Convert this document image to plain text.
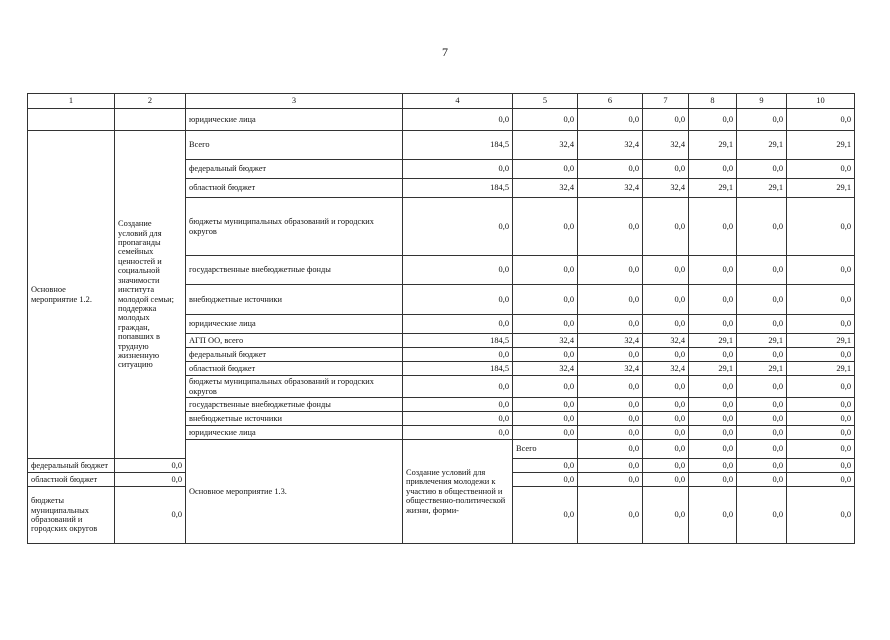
7
1	2	3	4	5	6	7	8	9	10	
		юридические лица	0,0	0,0	0,0	0,0	0,0	0,0	0,0	
Основное мероприятие 1.2.	Создание условий для пропаганды семейных ценностей и социальной значимости института молодой семьи; поддержка молодых граждан, попавших в трудную жизненную ситуацию	Всего	184,5	32,4	32,4	32,4	29,1	29,1	29,1	
		федеральный бюджет	0,0	0,0	0,0	0,0	0,0	0,0	0,0	
		областной бюджет	184,5	32,4	32,4	32,4	29,1	29,1	29,1	
		бюджеты муниципальных образований и городских округов	0,0	0,0	0,0	0,0	0,0	0,0	0,0	
		государственные внебюджетные фонды	0,0	0,0	0,0	0,0	0,0	0,0	0,0	
		внебюджетные источники	0,0	0,0	0,0	0,0	0,0	0,0	0,0	
		юридические лица	0,0	0,0	0,0	0,0	0,0	0,0	0,0	
		АГП ОО, всего	184,5	32,4	32,4	32,4	29,1	29,1	29,1	
		федеральный бюджет	0,0	0,0	0,0	0,0	0,0	0,0	0,0	
		областной бюджет	184,5	32,4	32,4	32,4	29,1	29,1	29,1	
		бюджеты муниципальных образований и городских округов	0,0	0,0	0,0	0,0	0,0	0,0	0,0	
		государственные внебюджетные фонды	0,0	0,0	0,0	0,0	0,0	0,0	0,0	
		внебюджетные источники	0,0	0,0	0,0	0,0	0,0	0,0	0,0	
		юридические лица	0,0	0,0	0,0	0,0	0,0	0,0	0,0	
		Основное мероприятие 1.3.	Создание условий для привлечения молодежи к участию в общественной и общественно-политической жизни, форми-	Всего	0,0	0,0	0,0	0,0	0,0		
федеральный бюджет	0,0			0,0	0,0	0,0	0,0	0,0	0,0	
областной бюджет	0,0			0,0	0,0	0,0	0,0	0,0	0,0	
бюджеты муниципальных образований и городских округов	0,0			0,0	0,0	0,0	0,0	0,0	0,0	
